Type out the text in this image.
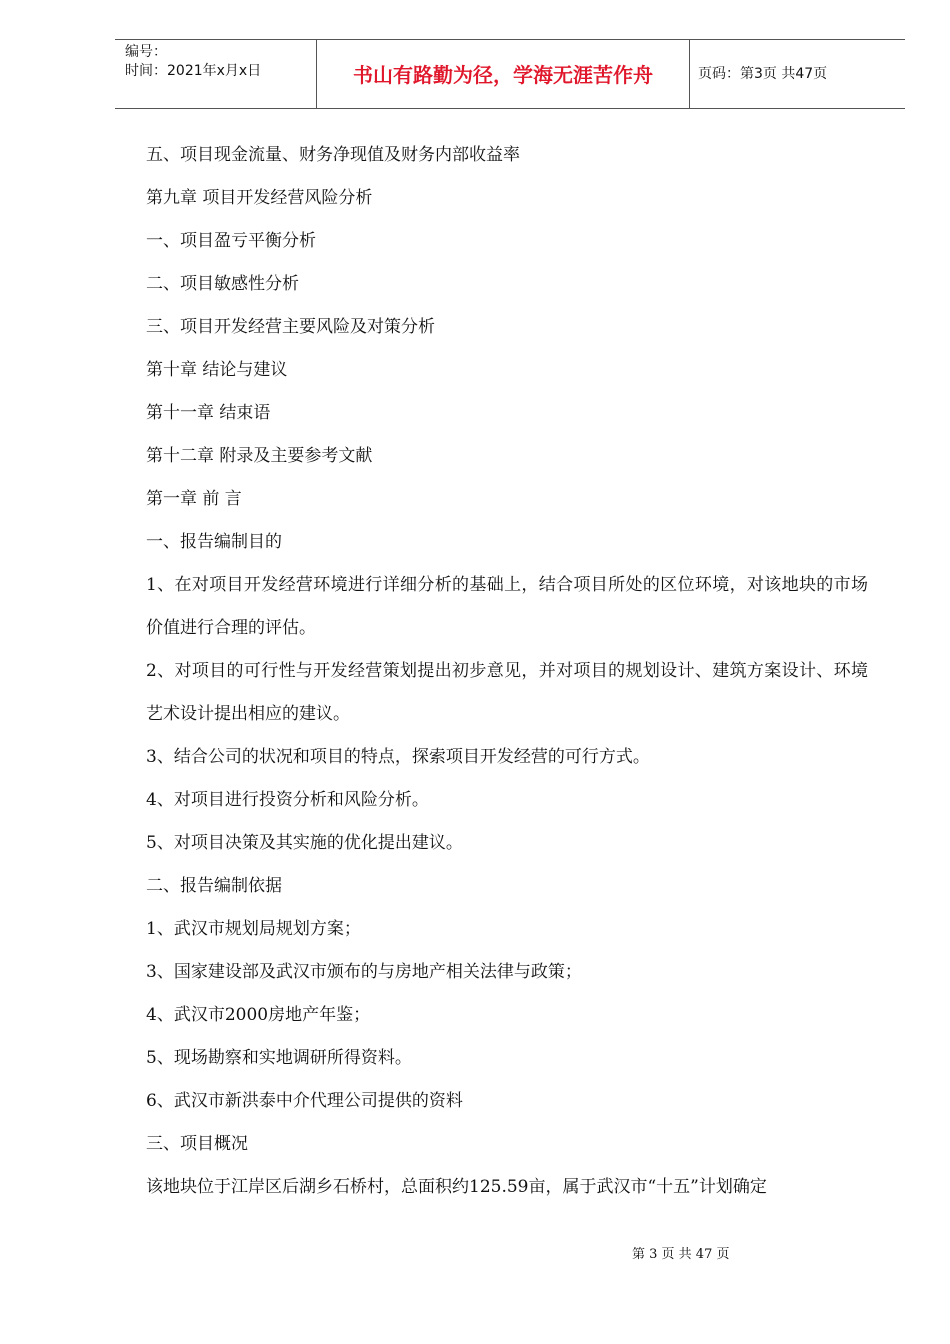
编号：
时间：2021年x月x日	书山有路勤为径，学海无涯苦作舟	页码：第3页 共47页

五、项目现金流量、财务净现值及财务内部收益率

第九章 项目开发经营风险分析

一、项目盈亏平衡分析

二、项目敏感性分析

三、项目开发经营主要风险及对策分析

第十章 结论与建议

第十一章 结束语

第十二章 附录及主要参考文献

第一章 前 言

一、报告编制目的

1、在对项目开发经营环境进行详细分析的基础上，结合项目所处的区位环境，对该地块的市场价值进行合理的评估。

2、对项目的可行性与开发经营策划提出初步意见，并对项目的规划设计、建筑方案设计、环境艺术设计提出相应的建议。

3、结合公司的状况和项目的特点，探索项目开发经营的可行方式。

4、对项目进行投资分析和风险分析。

5、对项目决策及其实施的优化提出建议。

二、报告编制依据

1、武汉市规划局规划方案；

3、国家建设部及武汉市颁布的与房地产相关法律与政策；

4、武汉市2000房地产年鉴；

5、现场勘察和实地调研所得资料。

6、武汉市新洪泰中介代理公司提供的资料

三、项目概况

该地块位于江岸区后湖乡石桥村，总面积约125.59亩，属于武汉市“十五”计划确定

第 3 页 共 47 页
